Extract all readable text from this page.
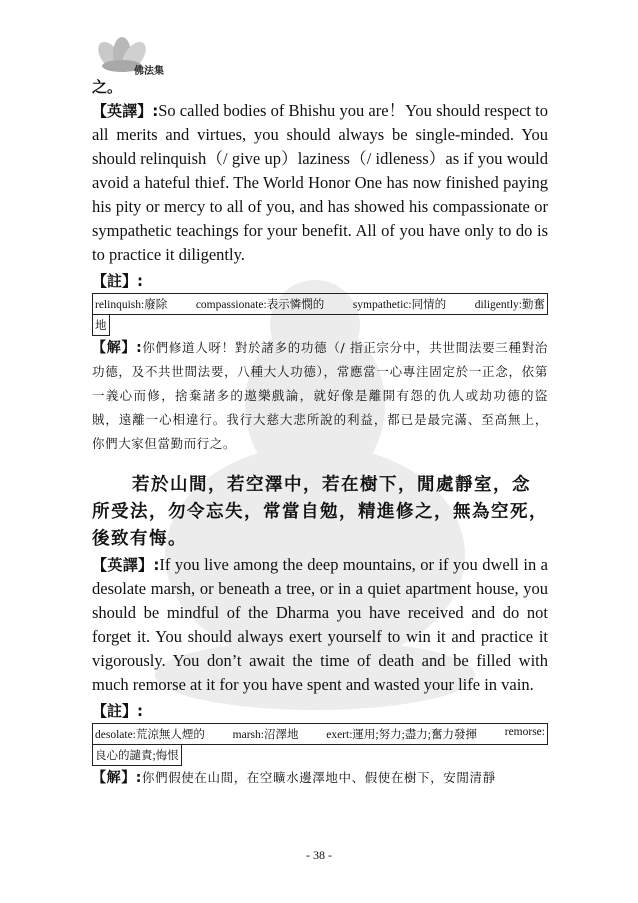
佛法集

之。

【英譯】:So called bodies of Bhishu you are！You should respect to all merits and virtues, you should always be single-minded. You should relinquish（/ give up）laziness（/ idleness）as if you would avoid a hateful thief. The World Honor One has now finished paying his pity or mercy to all of you, and has showed his compassionate or sympathetic teachings for your benefit. All of you have only to do is to practice it diligently.

【註】:

relinquish:廢除 compassionate:表示憐憫的 sympathetic:同情的 diligently:勤奮
地

【解】:你們修道人呀！對於諸多的功德（/ 指正宗分中，共世間法要三種對治功德，及不共世間法要，八種大人功德），常應當一心專注固定於一正念，依第一義心而修，捨棄諸多的遨樂戲論，就好像是離開有怨的仇人或劫功德的盜賊，遠離一心相違行。我行大慈大悲所說的利益，都已是最完滿、至高無上，你們大家但當勤而行之。

若於山間，若空澤中，若在樹下，閒處靜室，念所受法，勿令忘失，常當自勉，精進修之，無為空死，後致有悔。

【英譯】:If you live among the deep mountains, or if you dwell in a desolate marsh, or beneath a tree, or in a quiet apartment house, you should be mindful of the Dharma you have received and do not forget it. You should always exert yourself to win it and practice it vigorously. You don’t await the time of death and be filled with much remorse at it for you have spent and wasted your life in vain.

【註】:

desolate:荒涼無人煙的 marsh:沼澤地 exert:運用;努力;盡力;奮力發揮 remorse:
良心的譴責;悔恨

【解】:你們假使在山間，在空曠水邊澤地中、假使在樹下，安閒清靜

- 38 -
